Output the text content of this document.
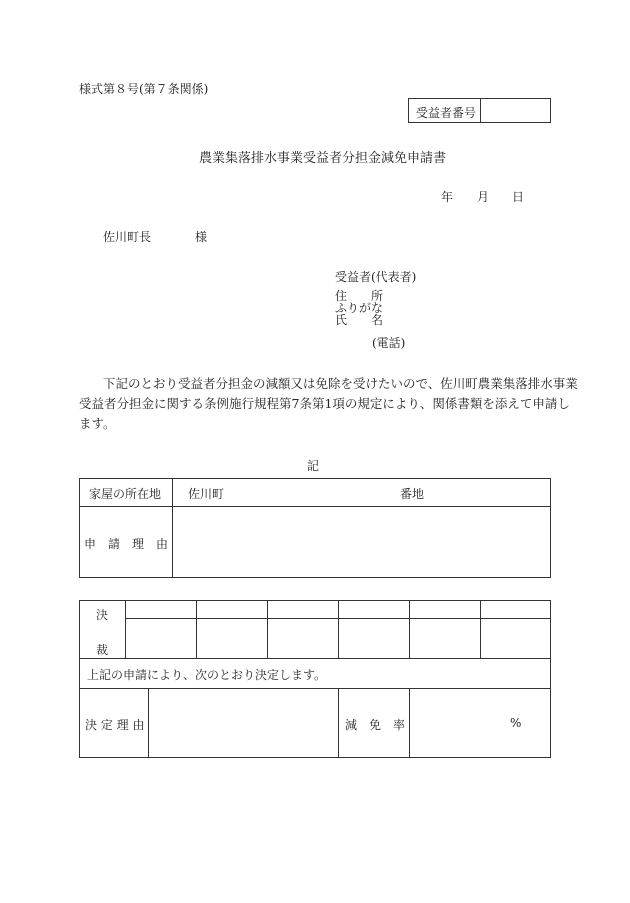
様式第８号(第７条関係)
受益者番号
農業集落排水事業受益者分担金減免申請書
年 月 日
佐川町長	様
受益者(代表者)
住　　所
ふりがな
氏　　名
(電話)
下記のとおり受益者分担金の減額又は免除を受けたいので、佐川町農業集落排水事業
受益者分担金に関する条例施行規程第7条第1項の規定により、関係書類を添えて申請し
ます。
記
家屋の所在地 佐川町	番地
申　請　理　由
決
裁
上記の申請により、次のとおり決定します。
決 定 理 由	減　免　率	%
